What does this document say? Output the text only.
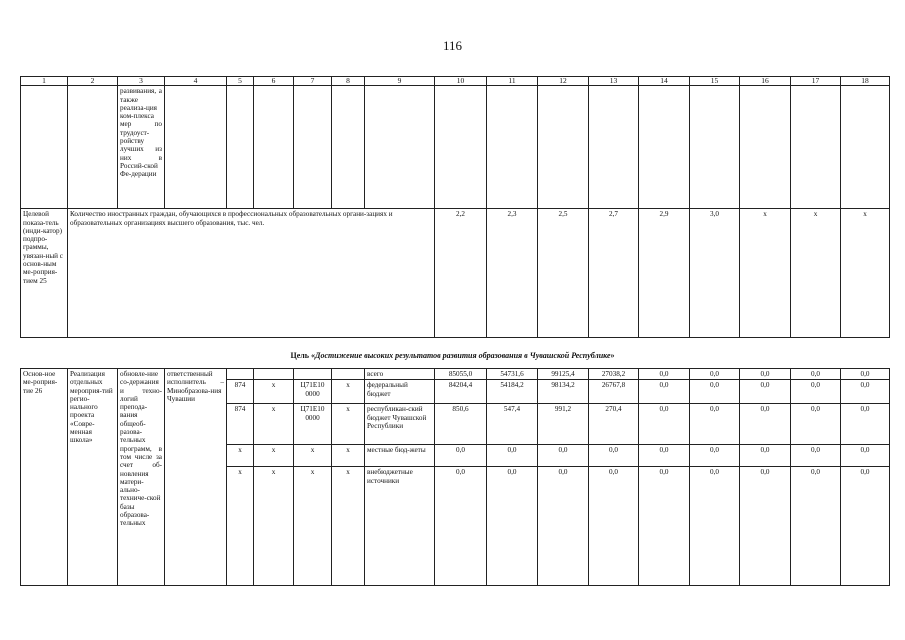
116
1	2	3	4	5	6	7	8	9	10	11	12	13	14	15	16	17	18
		развивания, а также реализа-ция ком-плекса мер по трудоуст-ройству лучших из них в Россий-ской Фе-дерации															
Целевой показа-тель (инди-катор) подпро-граммы, увязан-ный с основ-ным ме-роприя-тием 25	Количество иностранных граждан, обучающихся в профессиональных образовательных органи-зациях и образовательных организациях высшего образования, тыс. чел.								2,2	2,3	2,5	2,7	2,9	3,0	x	x	x
Цель «Достижение высоких результатов развития образования в Чувашской Республике»
Основ-ное ме-роприя-тие 26	Реализация отдельных мероприя-тий регио-нального проекта «Совре-менная школа»	обновле-ние со-держания и техно-логий препода-вания общеоб-разова-тельных программ, в том числе за счет об-новления матери-ально-техниче-ской базы образова-тельных	ответственный исполнитель – Минобразова-ния Чувашии					всего	85055,0	54731,6	99125,4	27038,2	0,0	0,0	0,0	0,0	0,0
				874	х	Ц71Е10 0000	х	федеральный бюджет	84204,4	54184,2	98134,2	26767,8	0,0	0,0	0,0	0,0	0,0
				874	х	Ц71Е10 0000	х	республикан-ский бюджет Чувашской Республики	850,6	547,4	991,2	270,4	0,0	0,0	0,0	0,0	0,0
				х	х	х	х	местные бюд-жеты	0,0	0,0	0,0	0,0	0,0	0,0	0,0	0,0	0,0
				х	х	х	х	внебюджетные источники	0,0	0,0	0,0	0,0	0,0	0,0	0,0	0,0	0,0
